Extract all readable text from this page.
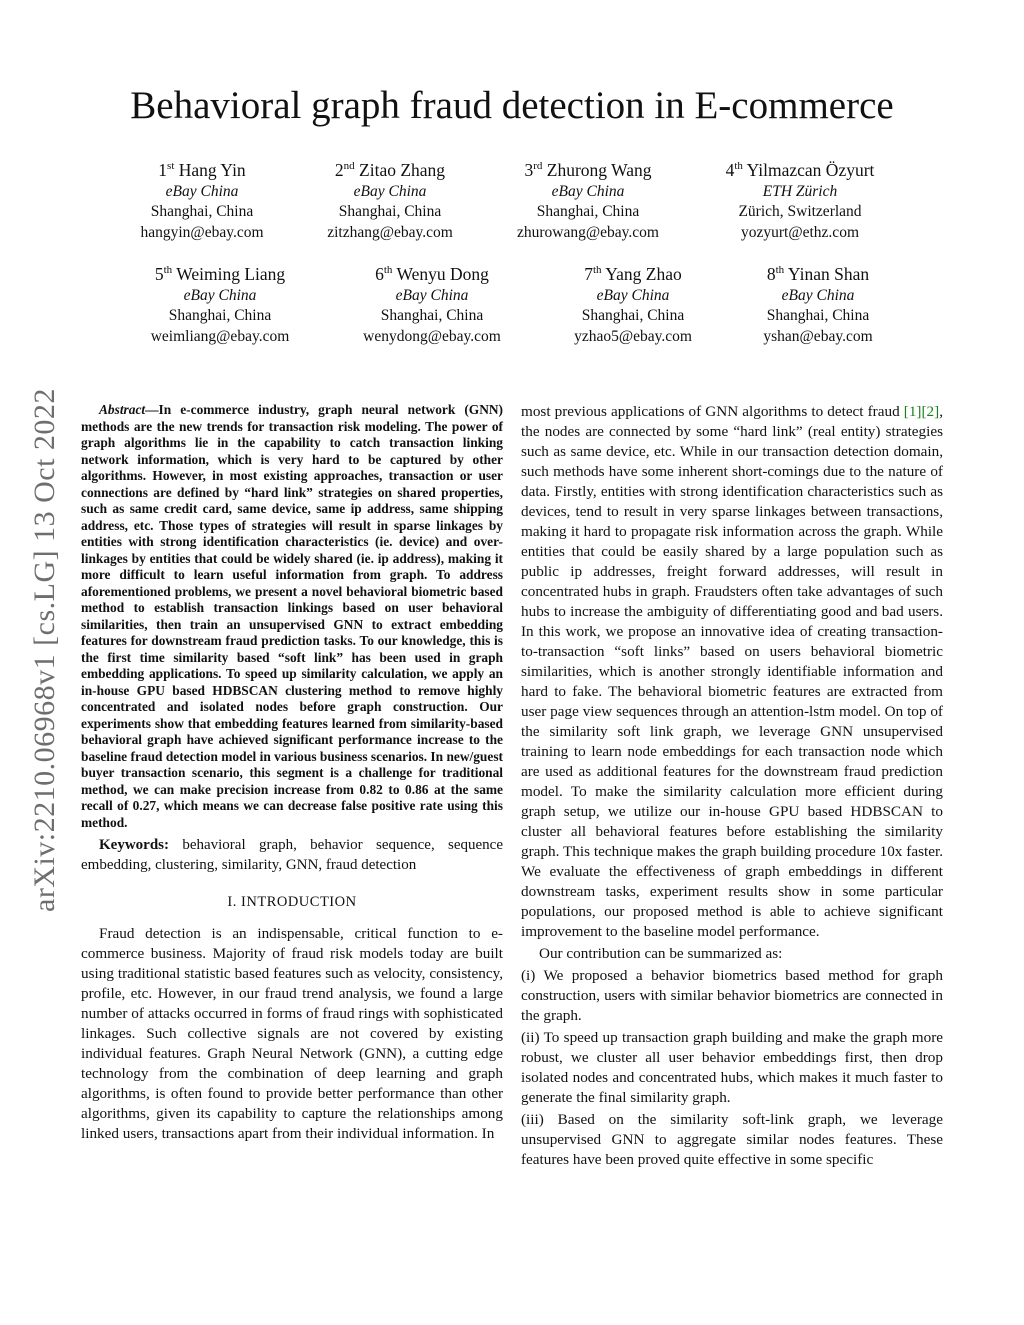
arXiv:2210.06968v1 [cs.LG] 13 Oct 2022
Behavioral graph fraud detection in E-commerce
1st Hang Yin
eBay China
Shanghai, China
hangyin@ebay.com
2nd Zitao Zhang
eBay China
Shanghai, China
zitzhang@ebay.com
3rd Zhurong Wang
eBay China
Shanghai, China
zhurowang@ebay.com
4th Yilmazcan Özyurt
ETH Zürich
Zürich, Switzerland
yozyurt@ethz.com
5th Weiming Liang
eBay China
Shanghai, China
weimliang@ebay.com
6th Wenyu Dong
eBay China
Shanghai, China
wenydong@ebay.com
7th Yang Zhao
eBay China
Shanghai, China
yzhao5@ebay.com
8th Yinan Shan
eBay China
Shanghai, China
yshan@ebay.com

Abstract—In e-commerce industry, graph neural network (GNN) methods are the new trends for transaction risk modeling. The power of graph algorithms lie in the capability to catch transaction linking network information, which is very hard to be captured by other algorithms. However, in most existing approaches, transaction or user connections are defined by “hard link” strategies on shared properties, such as same credit card, same device, same ip address, same shipping address, etc. Those types of strategies will result in sparse linkages by entities with strong identification characteristics (ie. device) and over-linkages by entities that could be widely shared (ie. ip address), making it more difficult to learn useful information from graph. To address aforementioned problems, we present a novel behavioral biometric based method to establish transaction linkings based on user behavioral similarities, then train an unsupervised GNN to extract embedding features for downstream fraud prediction tasks. To our knowledge, this is the first time similarity based “soft link” has been used in graph embedding applications. To speed up similarity calculation, we apply an in-house GPU based HDBSCAN clustering method to remove highly concentrated and isolated nodes before graph construction. Our experiments show that embedding features learned from similarity-based behavioral graph have achieved significant performance increase to the baseline fraud detection model in various business scenarios. In new/guest buyer transaction scenario, this segment is a challenge for traditional method, we can make precision increase from 0.82 to 0.86 at the same recall of 0.27, which means we can decrease false positive rate using this method.

Keywords: behavioral graph, behavior sequence, sequence embedding, clustering, similarity, GNN, fraud detection

I. INTRODUCTION

Fraud detection is an indispensable, critical function to e-commerce business. Majority of fraud risk models today are built using traditional statistic based features such as velocity, consistency, profile, etc. However, in our fraud trend analysis, we found a large number of attacks occurred in forms of fraud rings with sophisticated linkages. Such collective signals are not covered by existing individual features. Graph Neural Network (GNN), a cutting edge technology from the combination of deep learning and graph algorithms, is often found to provide better performance than other algorithms, given its capability to capture the relationships among linked users, transactions apart from their individual information. In

most previous applications of GNN algorithms to detect fraud [1][2], the nodes are connected by some “hard link” (real entity) strategies such as same device, etc. While in our transaction detection domain, such methods have some inherent short-comings due to the nature of data. Firstly, entities with strong identification characteristics such as devices, tend to result in very sparse linkages between transactions, making it hard to propagate risk information across the graph. While entities that could be easily shared by a large population such as public ip addresses, freight forward addresses, will result in concentrated hubs in graph. Fraudsters often take advantages of such hubs to increase the ambiguity of differentiating good and bad users. In this work, we propose an innovative idea of creating transaction-to-transaction “soft links” based on users behavioral biometric similarities, which is another strongly identifiable information and hard to fake. The behavioral biometric features are extracted from user page view sequences through an attention-lstm model. On top of the similarity soft link graph, we leverage GNN unsupervised training to learn node embeddings for each transaction node which are used as additional features for the downstream fraud prediction model. To make the similarity calculation more efficient during graph setup, we utilize our in-house GPU based HDBSCAN to cluster all behavioral features before establishing the similarity graph. This technique makes the graph building procedure 10x faster. We evaluate the effectiveness of graph embeddings in different downstream tasks, experiment results show in some particular populations, our proposed method is able to achieve significant improvement to the baseline model performance.

Our contribution can be summarized as:

(i) We proposed a behavior biometrics based method for graph construction, users with similar behavior biometrics are connected in the graph.

(ii) To speed up transaction graph building and make the graph more robust, we cluster all user behavior embeddings first, then drop isolated nodes and concentrated hubs, which makes it much faster to generate the final similarity graph.

(iii) Based on the similarity soft-link graph, we leverage unsupervised GNN to aggregate similar nodes features. These features have been proved quite effective in some specific
